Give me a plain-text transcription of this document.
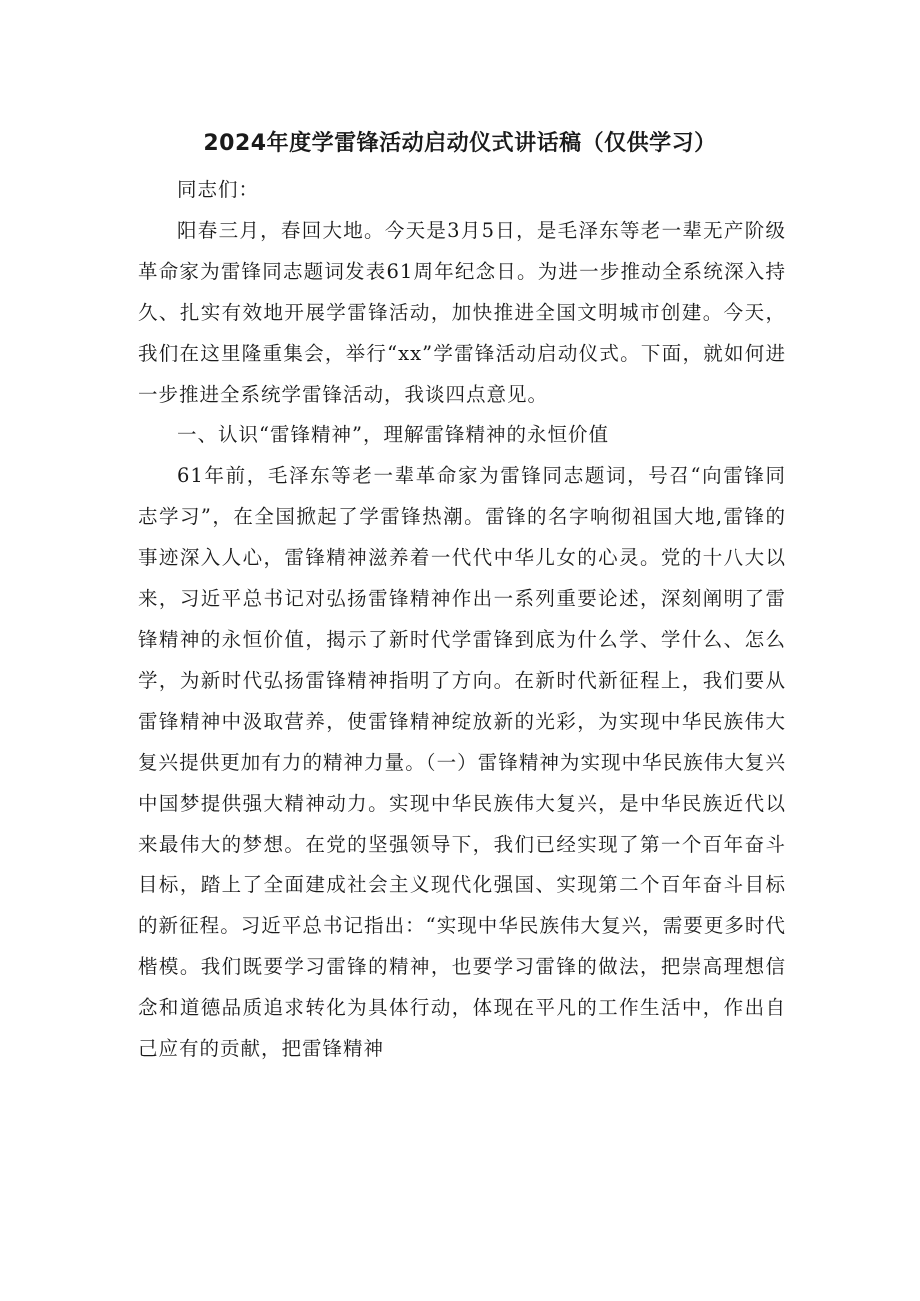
2024年度学雷锋活动启动仪式讲话稿（仅供学习）

同志们：

阳春三月，春回大地。今天是3月5日，是毛泽东等老一辈无产阶级革命家为雷锋同志题词发表61周年纪念日。为进一步推动全系统深入持久、扎实有效地开展学雷锋活动，加快推进全国文明城市创建。今天，我们在这里隆重集会，举行“xx”学雷锋活动启动仪式。下面，就如何进一步推进全系统学雷锋活动，我谈四点意见。

一、认识“雷锋精神”，理解雷锋精神的永恒价值

61年前，毛泽东等老一辈革命家为雷锋同志题词，号召“向雷锋同志学习”，在全国掀起了学雷锋热潮。雷锋的名字响彻祖国大地,雷锋的事迹深入人心，雷锋精神滋养着一代代中华儿女的心灵。党的十八大以来，习近平总书记对弘扬雷锋精神作出一系列重要论述，深刻阐明了雷锋精神的永恒价值，揭示了新时代学雷锋到底为什么学、学什么、怎么学，为新时代弘扬雷锋精神指明了方向。在新时代新征程上，我们要从雷锋精神中汲取营养，使雷锋精神绽放新的光彩，为实现中华民族伟大复兴提供更加有力的精神力量。（一）雷锋精神为实现中华民族伟大复兴中国梦提供强大精神动力。实现中华民族伟大复兴，是中华民族近代以来最伟大的梦想。在党的坚强领导下，我们已经实现了第一个百年奋斗目标，踏上了全面建成社会主义现代化强国、实现第二个百年奋斗目标的新征程。习近平总书记指出：“实现中华民族伟大复兴，需要更多时代楷模。我们既要学习雷锋的精神，也要学习雷锋的做法，把崇高理想信念和道德品质追求转化为具体行动，体现在平凡的工作生活中，作出自己应有的贡献，把雷锋精神
